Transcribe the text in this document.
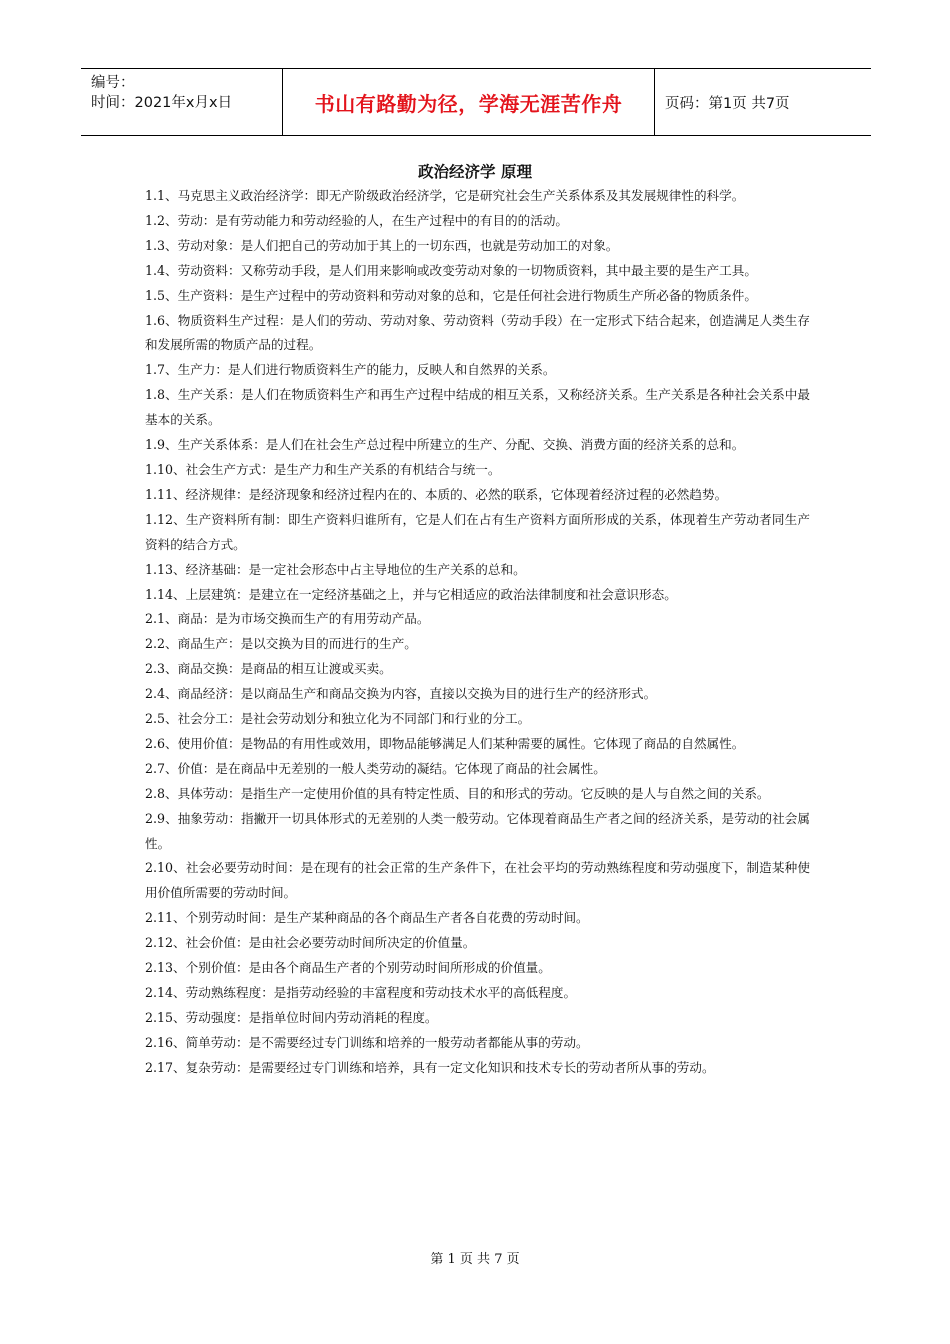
编号：
时间：2021年x月x日	书山有路勤为径，学海无涯苦作舟	页码：第1页 共7页
政治经济学 原理

1.1、马克思主义政治经济学：即无产阶级政治经济学，它是研究社会生产关系体系及其发展规律性的科学。

1.2、劳动：是有劳动能力和劳动经验的人，在生产过程中的有目的的活动。

1.3、劳动对象：是人们把自己的劳动加于其上的一切东西，也就是劳动加工的对象。

1.4、劳动资料：又称劳动手段，是人们用来影响或改变劳动对象的一切物质资料，其中最主要的是生产工具。

1.5、生产资料：是生产过程中的劳动资料和劳动对象的总和，它是任何社会进行物质生产所必备的物质条件。

1.6、物质资料生产过程：是人们的劳动、劳动对象、劳动资料（劳动手段）在一定形式下结合起来，创造满足人类生存和发展所需的物质产品的过程。

1.7、生产力：是人们进行物质资料生产的能力，反映人和自然界的关系。

1.8、生产关系：是人们在物质资料生产和再生产过程中结成的相互关系，又称经济关系。生产关系是各种社会关系中最基本的关系。

1.9、生产关系体系：是人们在社会生产总过程中所建立的生产、分配、交换、消费方面的经济关系的总和。

1.10、社会生产方式：是生产力和生产关系的有机结合与统一。

1.11、经济规律：是经济现象和经济过程内在的、本质的、必然的联系，它体现着经济过程的必然趋势。

1.12、生产资料所有制：即生产资料归谁所有，它是人们在占有生产资料方面所形成的关系，体现着生产劳动者同生产资料的结合方式。

1.13、经济基础：是一定社会形态中占主导地位的生产关系的总和。

1.14、上层建筑：是建立在一定经济基础之上，并与它相适应的政治法律制度和社会意识形态。

2.1、商品：是为市场交换而生产的有用劳动产品。

2.2、商品生产：是以交换为目的而进行的生产。

2.3、商品交换：是商品的相互让渡或买卖。

2.4、商品经济：是以商品生产和商品交换为内容，直接以交换为目的进行生产的经济形式。

2.5、社会分工：是社会劳动划分和独立化为不同部门和行业的分工。

2.6、使用价值：是物品的有用性或效用，即物品能够满足人们某种需要的属性。它体现了商品的自然属性。

2.7、价值：是在商品中无差别的一般人类劳动的凝结。它体现了商品的社会属性。

2.8、具体劳动：是指生产一定使用价值的具有特定性质、目的和形式的劳动。它反映的是人与自然之间的关系。

2.9、抽象劳动：指撇开一切具体形式的无差别的人类一般劳动。它体现着商品生产者之间的经济关系，是劳动的社会属性。

2.10、社会必要劳动时间：是在现有的社会正常的生产条件下，在社会平均的劳动熟练程度和劳动强度下，制造某种使用价值所需要的劳动时间。

2.11、个别劳动时间：是生产某种商品的各个商品生产者各自花费的劳动时间。

2.12、社会价值：是由社会必要劳动时间所决定的价值量。

2.13、个别价值：是由各个商品生产者的个别劳动时间所形成的价值量。

2.14、劳动熟练程度：是指劳动经验的丰富程度和劳动技术水平的高低程度。

2.15、劳动强度：是指单位时间内劳动消耗的程度。

2.16、简单劳动：是不需要经过专门训练和培养的一般劳动者都能从事的劳动。

2.17、复杂劳动：是需要经过专门训练和培养，具有一定文化知识和技术专长的劳动者所从事的劳动。

第 1 页 共 7 页
